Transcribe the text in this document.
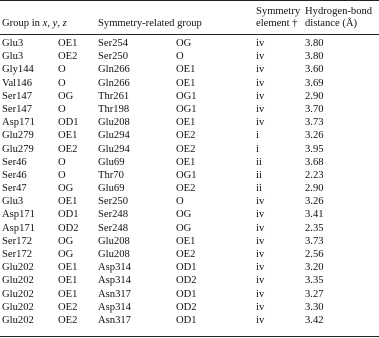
Group in x, y, z	Symmetry-related group
Symmetry
element †
Hydrogen-bond
distance (Å)
Glu3	OE1 Ser254	OG	iv	3.80
Glu3	OE2 Ser250	O	iv	3.80
Gly144 O	Gln266	OE1	iv	3.60
Val146 O	Gln266	OE1	iv	3.69
Ser147 OG Thr261	OG1	iv	2.90
Ser147 O	Thr198	OG1	iv	3.70
Asp171 OD1 Glu208	OE1	iv	3.73
Glu279 OE1 Glu294	OE2	i	3.26
Glu279 OE2 Glu294	OE2	i	3.95
Ser46	O	Glu69	OE1	ii	3.68
Ser46	O	Thr70	OG1	ii	2.23
Ser47	OG Glu69	OE2	ii	2.90
Glu3	OE1 Ser250	O	iv	3.26
Asp171 OD1 Ser248	OG	iv	3.41
Asp171 OD2 Ser248	OG	iv	2.35
Ser172 OG Glu208	OE1	iv	3.73
Ser172 OG Glu208	OE2	iv	2.56
Glu202 OE1 Asp314	OD1	iv	3.20
Glu202 OE1 Asp314	OD2	iv	3.35
Glu202 OE1 Asn317	OD1	iv	3.27
Glu202 OE2 Asp314	OD2	iv	3.30
Glu202 OE2 Asn317	OD1	iv	3.42
